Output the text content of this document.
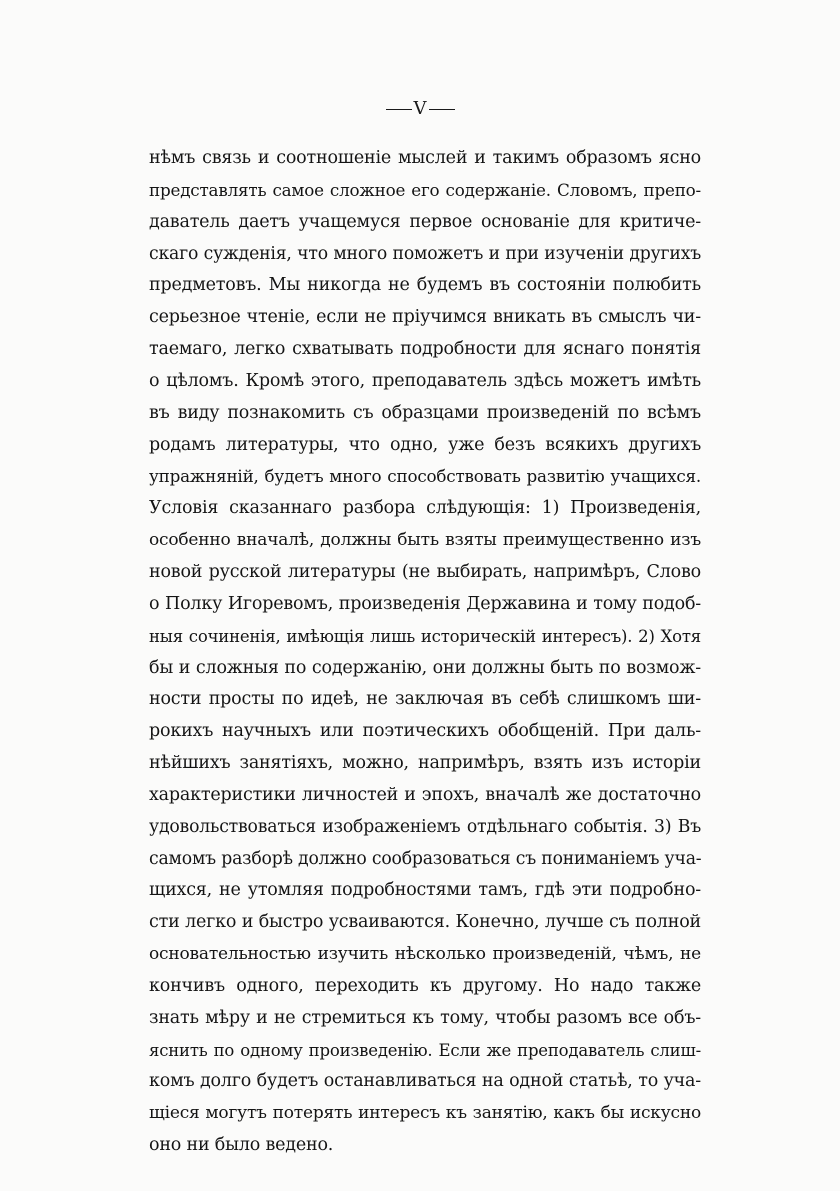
V
нѣмъ связь и соотношеніе мыслей и такимъ образомъ ясно
представлять самое сложное его содержаніе. Словомъ, препо-
даватель даетъ учащемуся первое основаніе для критиче-
скаго сужденія, что много поможетъ и при изученіи другихъ
предметовъ. Мы никогда не будемъ въ состояніи полюбить
серьезное чтеніе, если не пріучимся вникать въ смыслъ чи-
таемаго, легко схватывать подробности для яснаго понятія
о цѣломъ. Кромѣ этого, преподаватель здѣсь можетъ имѣть
въ виду познакомить съ образцами произведеній по всѣмъ
родамъ литературы, что одно, уже безъ всякихъ другихъ
упражняній, будетъ много способствовать развитію учащихся.
Условія сказаннаго разбора слѣдующія: 1) Произведенія,
особенно вначалѣ, должны быть взяты преимущественно изъ
новой русской литературы (не выбирать, напримѣръ, Слово
о Полку Игоревомъ, произведенія Державина и тому подоб-
ныя сочиненія, имѣющія лишь историческій интересъ). 2) Хотя
бы и сложныя по содержанію, они должны быть по возмож-
ности просты по идеѣ, не заключая въ себѣ слишкомъ ши-
рокихъ научныхъ или поэтическихъ обобщеній. При даль-
нѣйшихъ занятіяхъ, можно, напримѣръ, взять изъ исторіи
характеристики личностей и эпохъ, вначалѣ же достаточно
удовольствоваться изображеніемъ отдѣльнаго событія. 3) Въ
самомъ разборѣ должно сообразоваться съ пониманіемъ уча-
щихся, не утомляя подробностями тамъ, гдѣ эти подробно-
сти легко и быстро усваиваются. Конечно, лучше съ полной
основательностью изучить нѣсколько произведеній, чѣмъ, не
кончивъ одного, переходить къ другому. Но надо также
знать мѣру и не стремиться къ тому, чтобы разомъ все объ-
яснить по одному произведенію. Если же преподаватель слиш-
комъ долго будетъ останавливаться на одной статьѣ, то уча-
щіеся могутъ потерять интересъ къ занятію, какъ бы искусно
оно ни было ведено.
